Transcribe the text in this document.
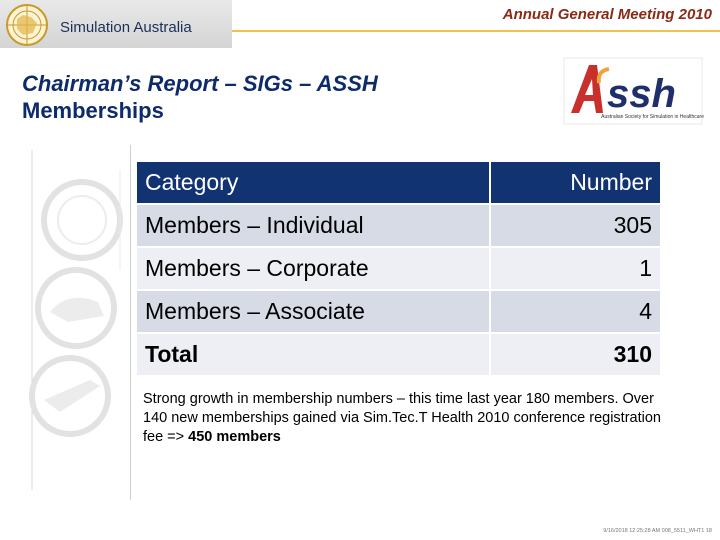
Simulation Australia
Annual General Meeting 2010
Chairman’s Report – SIGs – ASSH
Memberships	ssh
Australian Society for Simulation in Healthcare
Category	Number
Members – Individual	305
Members – Corporate	1
Members – Associate	4
Total	310
Strong growth in membership numbers – this time last year 180 members. Over 140 new memberships gained via Sim.Tec.T Health 2010 conference registration fee => 450 members
9/16/2018 12:25:28 AM 008_5511_WHT1 18
